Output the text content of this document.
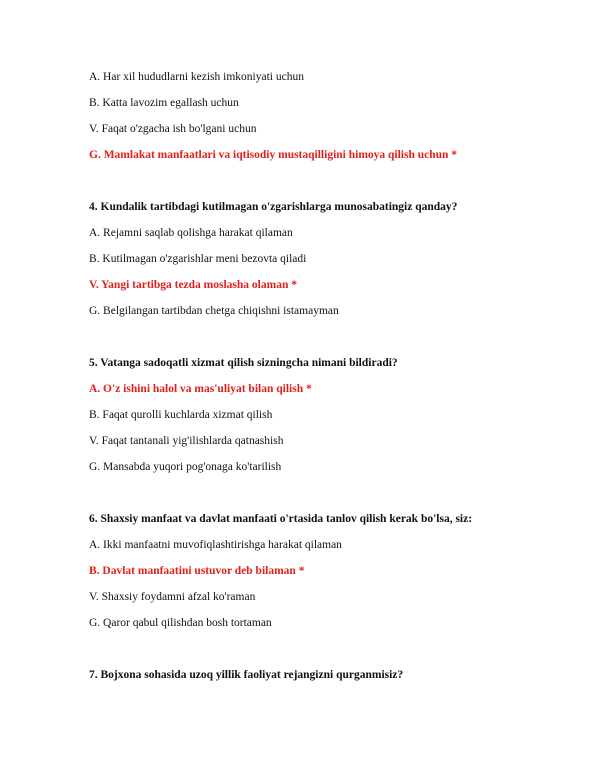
A. Har xil hududlarni kezish imkoniyati uchun
B. Katta lavozim egallash uchun
V. Faqat o'zgacha ish bo'lgani uchun
G. Mamlakat manfaatlari va iqtisodiy mustaqilligini himoya qilish uchun *
4. Kundalik tartibdagi kutilmagan o'zgarishlarga munosabatingiz qanday?
A. Rejamni saqlab qolishga harakat qilaman
B. Kutilmagan o'zgarishlar meni bezovta qiladi
V. Yangi tartibga tezda moslasha olaman *
G. Belgilangan tartibdan chetga chiqishni istamayman
5. Vatanga sadoqatli xizmat qilish sizningcha nimani bildiradi?
A. O'z ishini halol va mas'uliyat bilan qilish *
B. Faqat qurolli kuchlarda xizmat qilish
V. Faqat tantanali yig'ilishlarda qatnashish
G. Mansabda yuqori pog'onaga ko'tarilish
6. Shaxsiy manfaat va davlat manfaati o'rtasida tanlov qilish kerak bo'lsa, siz:
A. Ikki manfaatni muvofiqlashtirishga harakat qilaman
B. Davlat manfaatini ustuvor deb bilaman *
V. Shaxsiy foydamni afzal ko'raman
G. Qaror qabul qilishdan bosh tortaman
7. Bojxona sohasida uzoq yillik faoliyat rejangizni qurganmisiz?
